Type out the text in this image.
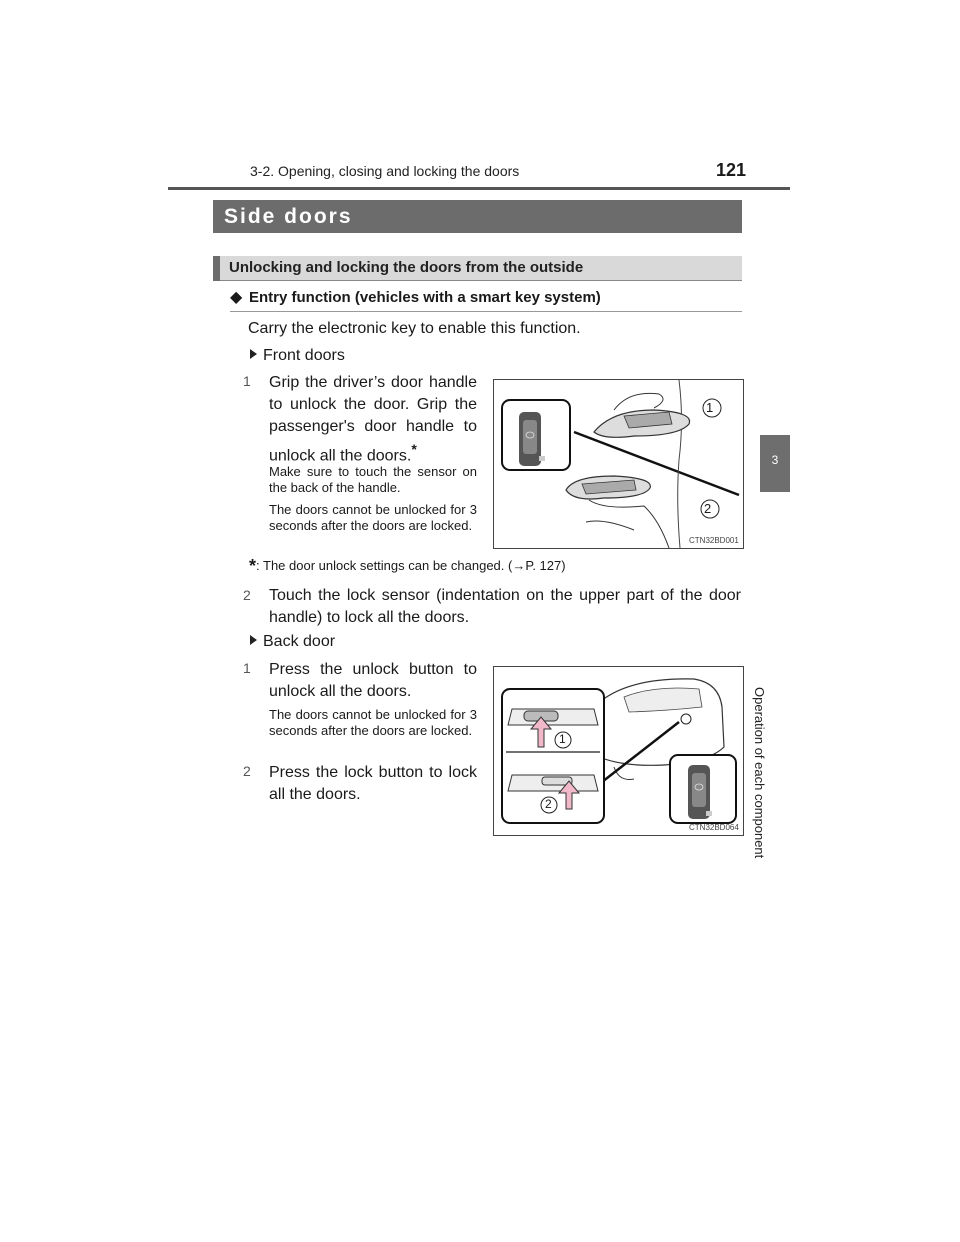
3-2. Opening, closing and locking the doors	121
3
Operation of each component
Side doors
Unlocking and locking the doors from the outside
◆ Entry function (vehicles with a smart key system)
Carry the electronic key to enable this function.
Front doors
1 Grip the driver’s door handle to unlock the door. Grip the passenger's door handle to unlock all the doors.*
Make sure to touch the sensor on the back of the handle.
The doors cannot be unlocked for 3 seconds after the doors are locked.
1
2
CTN32BD001
*: The door unlock settings can be changed. (→P. 127)
2 Touch the lock sensor (indentation on the upper part of the door handle) to lock all the doors.
Back door
1 Press the unlock button to unlock all the doors.
The doors cannot be unlocked for 3 seconds after the doors are locked.
2 Press the lock button to lock all the doors.
1
2
CTN32BD064
